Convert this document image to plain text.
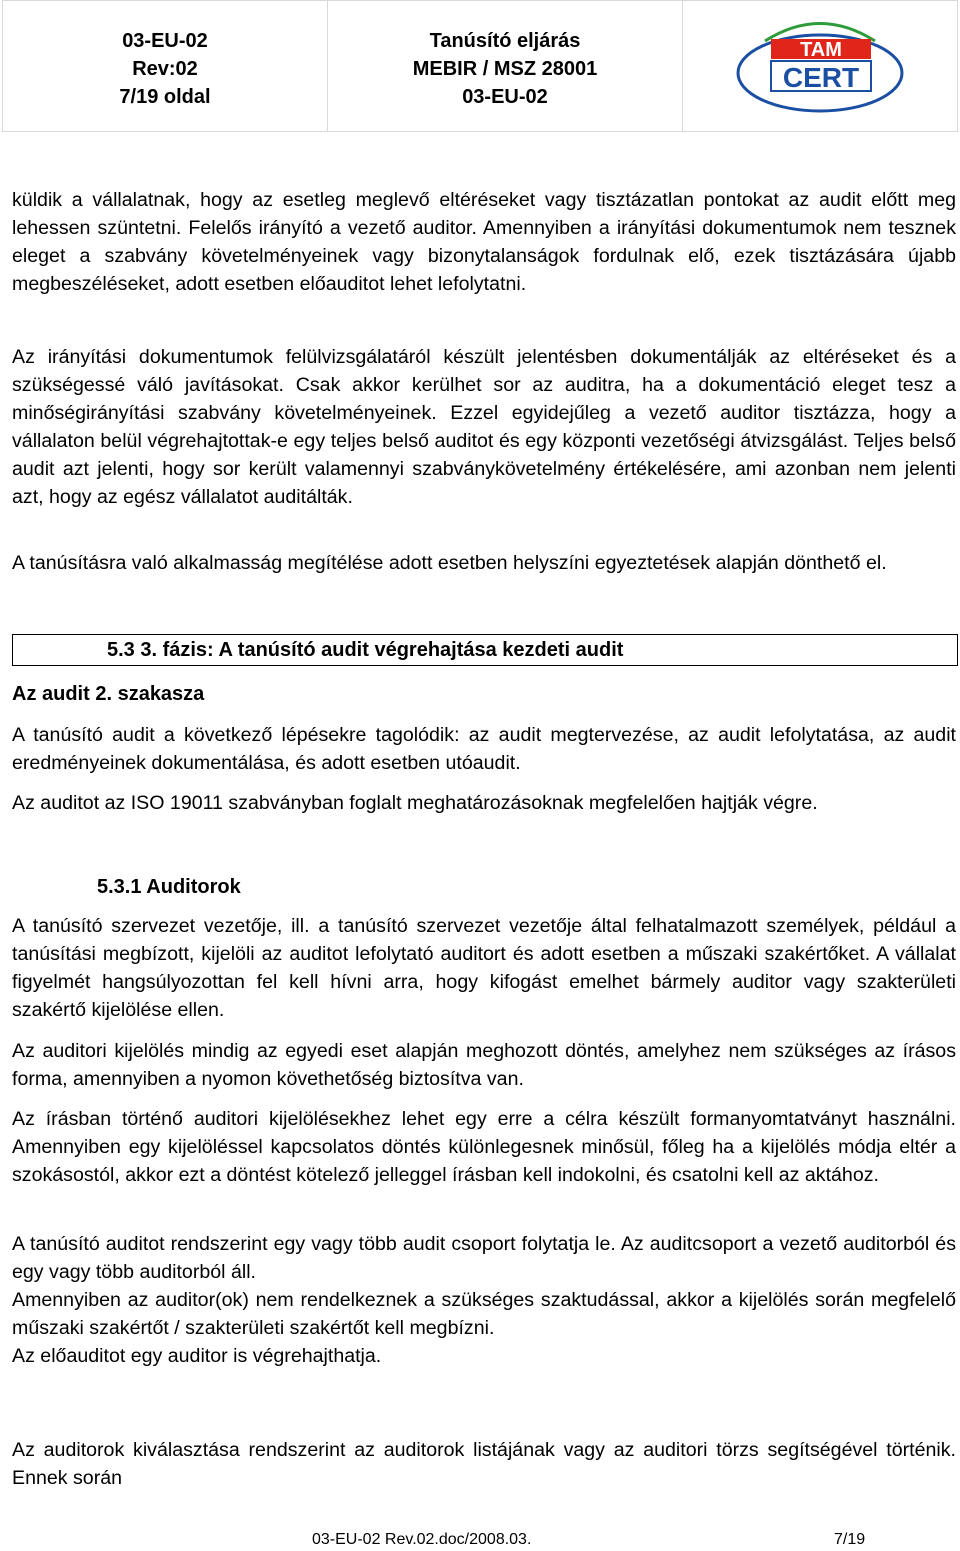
03-EU-02
Rev:02
7/19 oldal
Tanúsító eljárás
MEBIR / MSZ 28001
03-EU-02
TAM
CERT
küldik a vállalatnak, hogy az esetleg meglevő eltéréseket vagy tisztázatlan pontokat az audit előtt meg lehessen szüntetni. Felelős irányító a vezető auditor. Amennyiben a irányítási dokumentumok nem tesznek eleget a szabvány követelményeinek vagy bizonytalanságok fordulnak elő, ezek tisztázására újabb megbeszéléseket, adott esetben előauditot lehet lefolytatni.
Az irányítási dokumentumok felülvizsgálatáról készült jelentésben dokumentálják az eltéréseket és a szükségessé váló javításokat. Csak akkor kerülhet sor az auditra, ha a dokumentáció eleget tesz a minőségirányítási szabvány követelményeinek. Ezzel egyidejűleg a vezető auditor tisztázza, hogy a vállalaton belül végrehajtottak-e egy teljes belső auditot és egy központi vezetőségi átvizsgálást. Teljes belső audit azt jelenti, hogy sor került valamennyi szabványkövetelmény értékelésére, ami azonban nem jelenti azt, hogy az egész vállalatot auditálták.
A tanúsításra való alkalmasság megítélése adott esetben helyszíni egyeztetések alapján dönthető el.
5.3 3. fázis: A tanúsító audit végrehajtása kezdeti audit
Az audit 2. szakasza
A tanúsító audit a következő lépésekre tagolódik: az audit megtervezése, az audit lefolytatása, az audit eredményeinek dokumentálása, és adott esetben utóaudit.
Az auditot az ISO 19011 szabványban foglalt meghatározásoknak megfelelően hajtják végre.
5.3.1 Auditorok
A tanúsító szervezet vezetője, ill. a tanúsító szervezet vezetője által felhatalmazott személyek, például a tanúsítási megbízott, kijelöli az auditot lefolytató auditort és adott esetben a műszaki szakértőket. A vállalat figyelmét hangsúlyozottan fel kell hívni arra, hogy kifogást emelhet bármely auditor vagy szakterületi szakértő kijelölése ellen.
Az auditori kijelölés mindig az egyedi eset alapján meghozott döntés, amelyhez nem szükséges az írásos forma, amennyiben a nyomon követhetőség biztosítva van.
Az írásban történő auditori kijelölésekhez lehet egy erre a célra készült formanyomtatványt használni. Amennyiben egy kijelöléssel kapcsolatos döntés különlegesnek minősül, főleg ha a kijelölés módja eltér a szokásostól, akkor ezt a döntést kötelező jelleggel írásban kell indokolni, és csatolni kell az aktához.
A tanúsító auditot rendszerint egy vagy több audit csoport folytatja le. Az auditcsoport a vezető auditorból és egy vagy több auditorból áll.
Amennyiben az auditor(ok) nem rendelkeznek a szükséges szaktudással, akkor a kijelölés során megfelelő műszaki szakértőt / szakterületi szakértőt kell megbízni.
Az előauditot egy auditor is végrehajthatja.
Az auditorok kiválasztása rendszerint az auditorok listájának vagy az auditori törzs segítségével történik. Ennek során
03-EU-02 Rev.02.doc/2008.03.	7/19
